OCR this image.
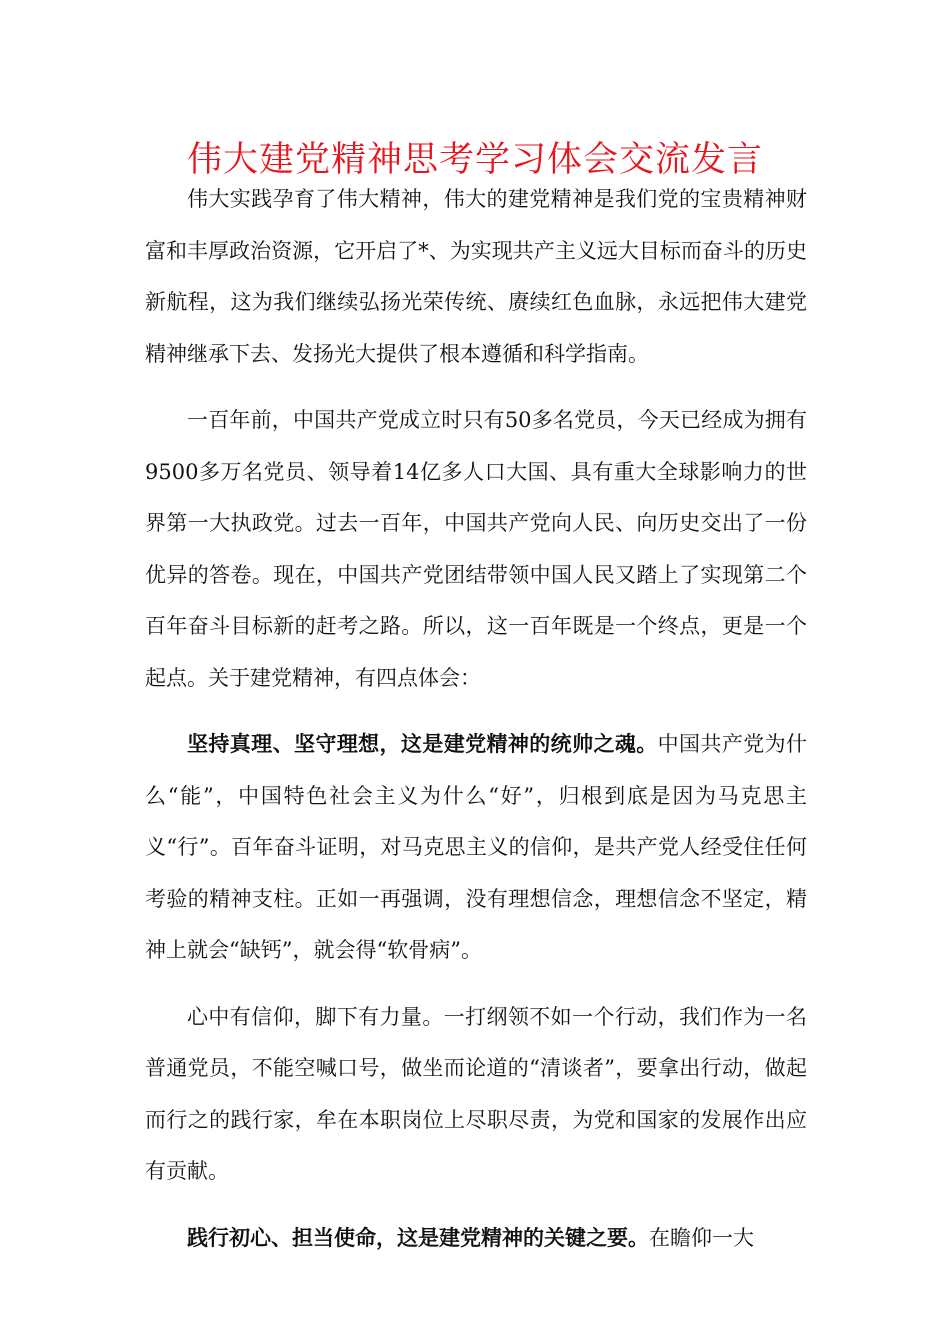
伟大建党精神思考学习体会交流发言

伟大实践孕育了伟大精神，伟大的建党精神是我们党的宝贵精神财富和丰厚政治资源，它开启了*、为实现共产主义远大目标而奋斗的历史新航程，这为我们继续弘扬光荣传统、赓续红色血脉，永远把伟大建党精神继承下去、发扬光大提供了根本遵循和科学指南。

一百年前，中国共产党成立时只有50多名党员，今天已经成为拥有9500多万名党员、领导着14亿多人口大国、具有重大全球影响力的世界第一大执政党。过去一百年，中国共产党向人民、向历史交出了一份优异的答卷。现在，中国共产党团结带领中国人民又踏上了实现第二个百年奋斗目标新的赶考之路。所以，这一百年既是一个终点，更是一个起点。关于建党精神，有四点体会：

坚持真理、坚守理想，这是建党精神的统帅之魂。中国共产党为什么“能”，中国特色社会主义为什么“好”，归根到底是因为马克思主义“行”。百年奋斗证明，对马克思主义的信仰，是共产党人经受住任何考验的精神支柱。正如一再强调，没有理想信念，理想信念不坚定，精神上就会“缺钙”，就会得“软骨病”。

心中有信仰，脚下有力量。一打纲领不如一个行动，我们作为一名普通党员，不能空喊口号，做坐而论道的“清谈者”，要拿出行动，做起而行之的践行家，牟在本职岗位上尽职尽责，为党和国家的发展作出应有贡献。

践行初心、担当使命，这是建党精神的关键之要。在瞻仰一大
